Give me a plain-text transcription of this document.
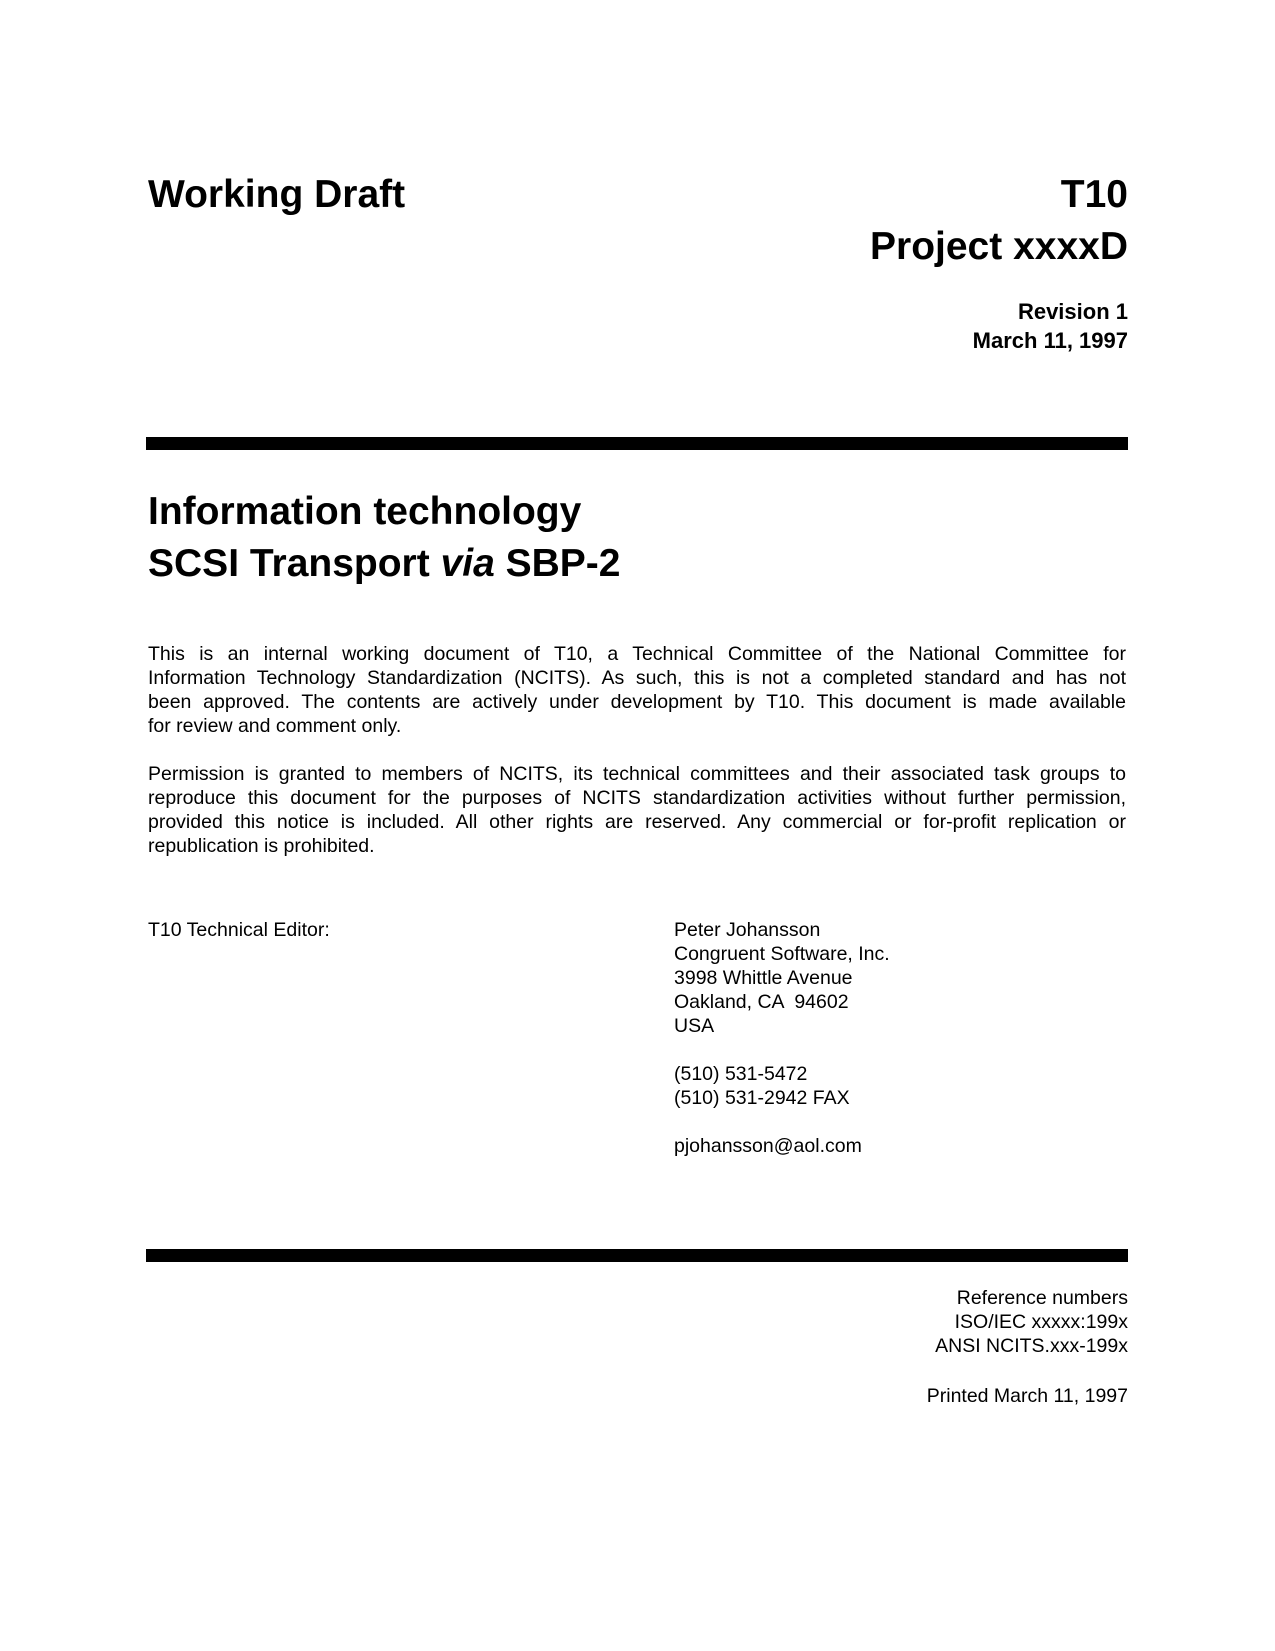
Working Draft	T10
Project xxxxD
Revision 1
March 11, 1997
Information technology
SCSI Transport via SBP-2
This is an internal working document of T10, a Technical Committee of the National Committee for
Information Technology Standardization (NCITS). As such, this is not a completed standard and has not
been approved. The contents are actively under development by T10. This document is made available
for review and comment only.
Permission is granted to members of NCITS, its technical committees and their associated task groups to
reproduce this document for the purposes of NCITS standardization activities without further permission,
provided this notice is included. All other rights are reserved. Any commercial or for-profit replication or
republication is prohibited.
T10 Technical Editor:	Peter Johansson
Congruent Software, Inc.
3998 Whittle Avenue
Oakland, CA  94602
USA
(510) 531-5472
(510) 531-2942 FAX
pjohansson@aol.com
Reference numbers
ISO/IEC xxxxx:199x
ANSI NCITS.xxx-199x
Printed March 11, 1997
